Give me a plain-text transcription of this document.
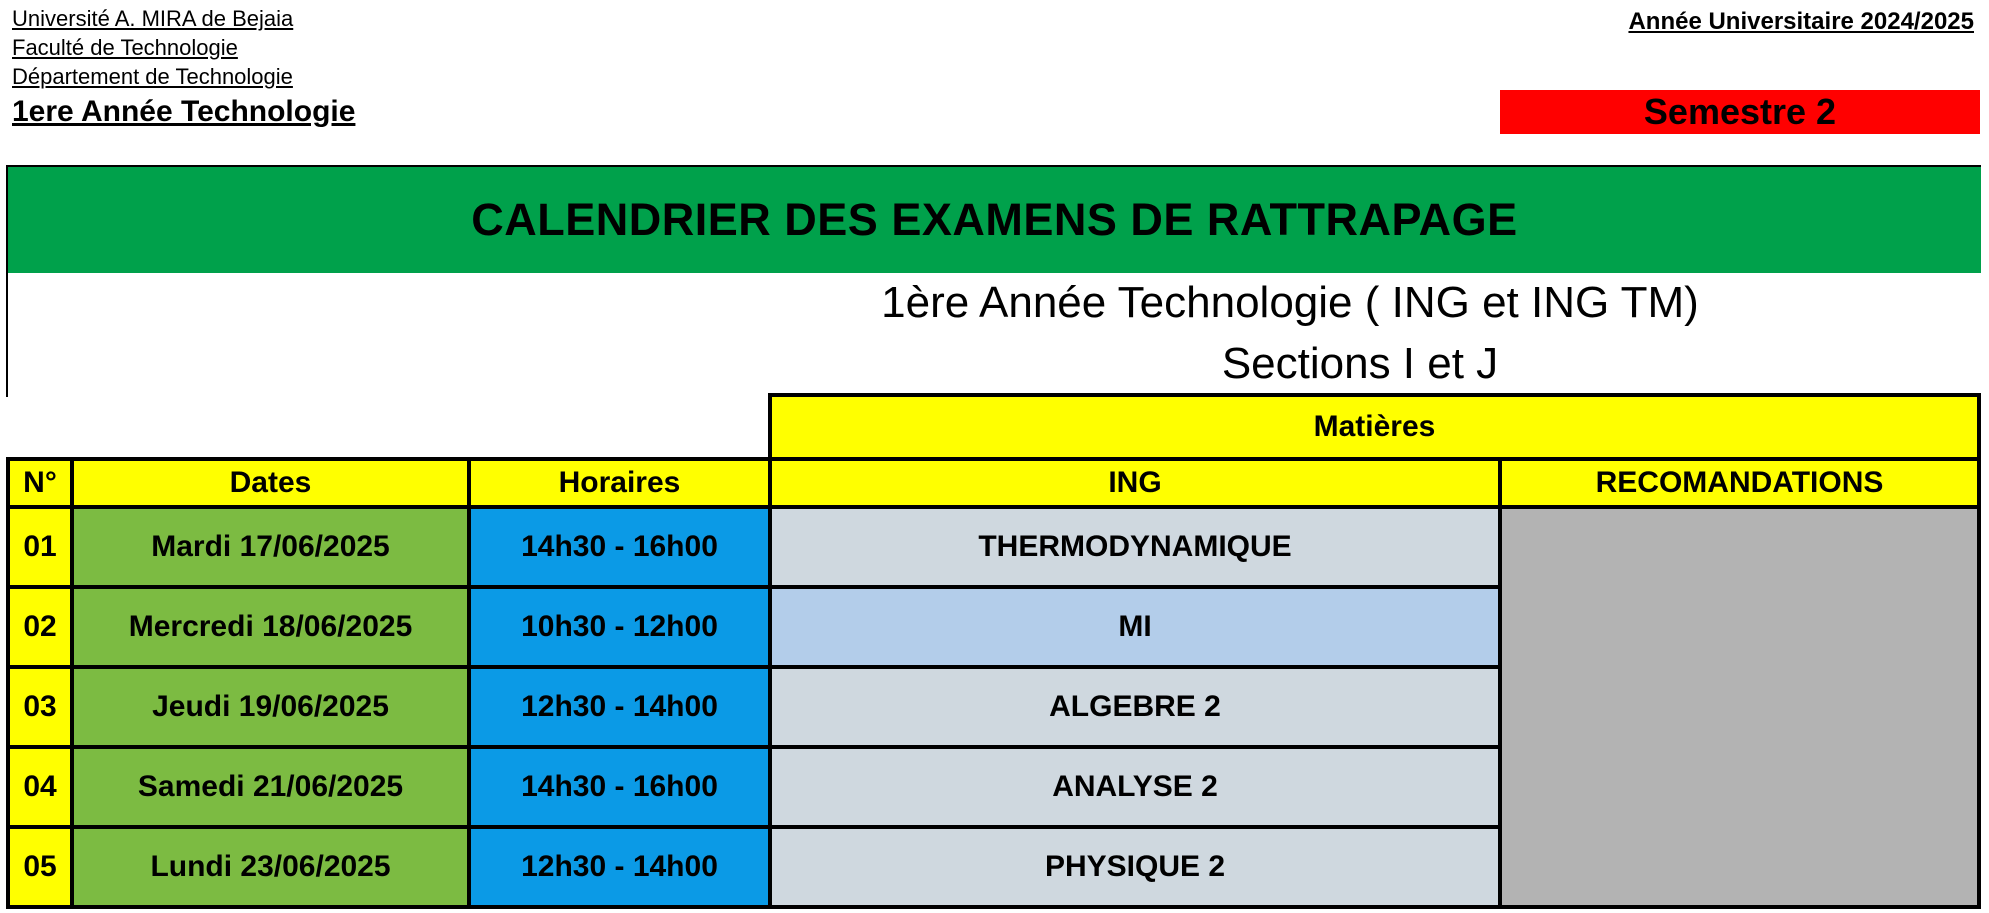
Université A. MIRA de Bejaia
Faculté de Technologie
Département de Technologie
1ere Année Technologie
Année Universitaire 2024/2025
Semestre 2
CALENDRIER DES EXAMENS DE RATTRAPAGE
1ère Année Technologie ( ING et ING TM)
Sections I et J
			Matières	
N°	Dates	Horaires	ING	RECOMANDATIONS
01	Mardi 17/06/2025	14h30 - 16h00	THERMODYNAMIQUE	
02	Mercredi 18/06/2025	10h30 - 12h00	MI	
03	Jeudi 19/06/2025	12h30 - 14h00	ALGEBRE 2	
04	Samedi 21/06/2025	14h30 - 16h00	ANALYSE 2	
05	Lundi 23/06/2025	12h30 - 14h00	PHYSIQUE 2	
